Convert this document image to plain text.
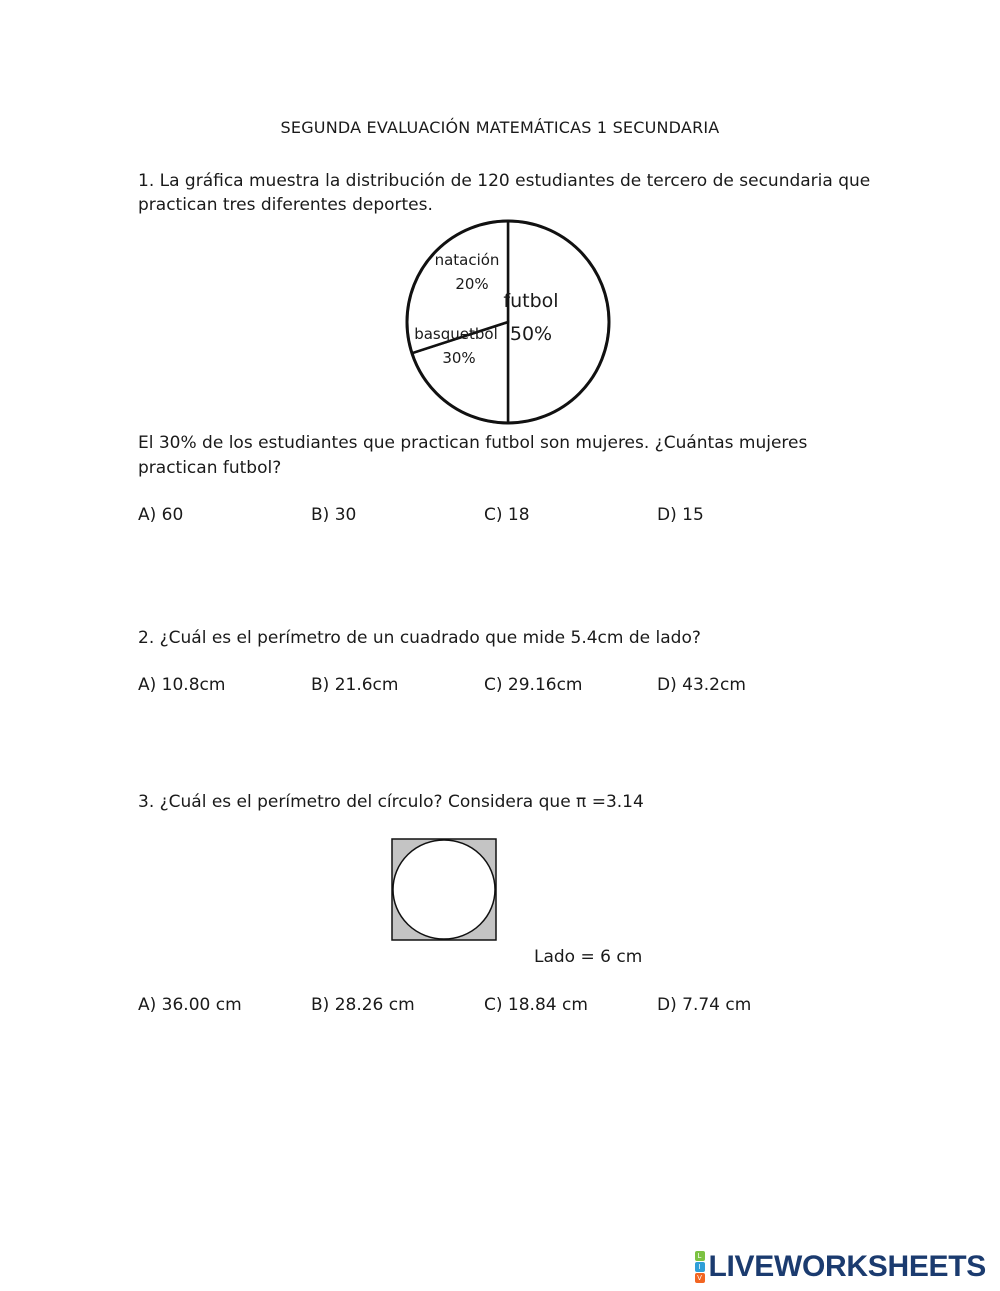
SEGUNDA EVALUACIÓN MATEMÁTICAS 1 SECUNDARIA
1. La gráfica muestra la distribución de 120 estudiantes de tercero de secundaria que
practican tres diferentes deportes.
futbol
50%
natación
20%
basquetbol
30%
El 30% de los estudiantes que practican futbol son mujeres. ¿Cuántas mujeres
practican futbol?
A) 60	B) 30	C) 18	D) 15
2. ¿Cuál es el perímetro de un cuadrado que mide 5.4cm de lado?
A) 10.8cm	B) 21.6cm	C) 29.16cm	D) 43.2cm
3. ¿Cuál es el perímetro del círculo? Considera que π =3.14
Lado = 6 cm
A) 36.00 cm	B) 28.26 cm	C) 18.84 cm	D) 7.74 cm
L
I
V LIVEWORKSHEETS
